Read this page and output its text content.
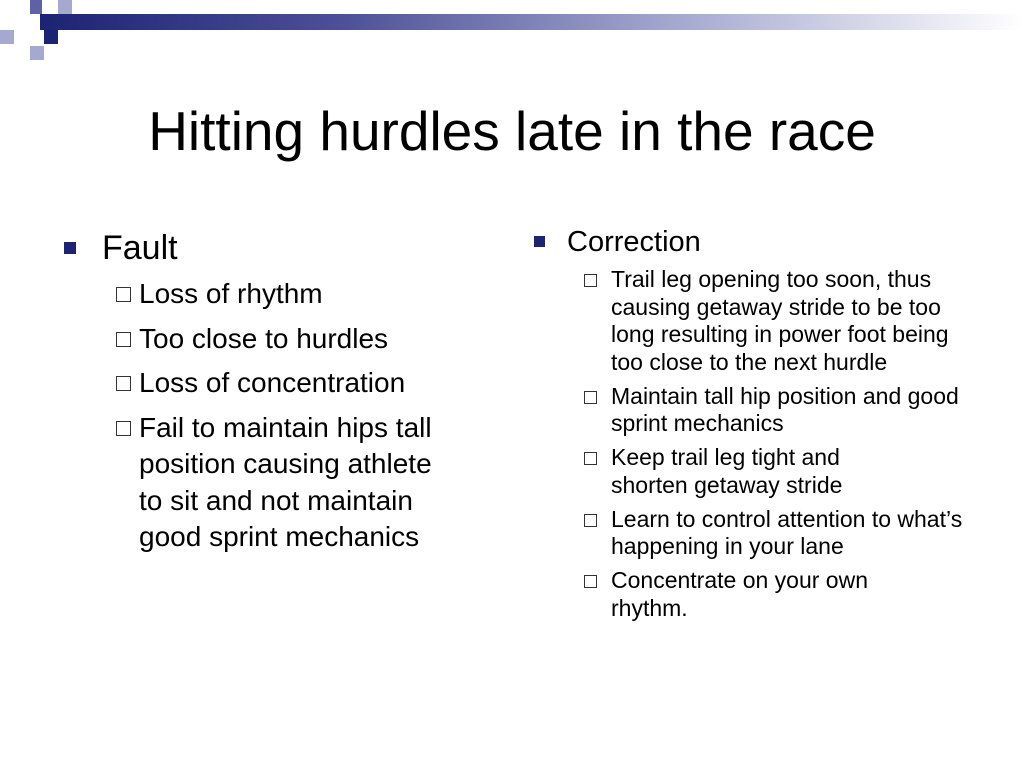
Hitting hurdles late in the race
Fault
Loss of rhythm
Too close to hurdles
Loss of concentration
Fail to maintain hips tall position causing athlete to sit and not maintain good sprint mechanics
Correction
Trail leg opening too soon, thus causing getaway stride to be too long resulting in power foot being too close to the next hurdle
Maintain tall hip position and good sprint mechanics
Keep trail leg tight and shorten getaway stride
Learn to control attention to what’s happening in your lane
Concentrate on your own rhythm.
